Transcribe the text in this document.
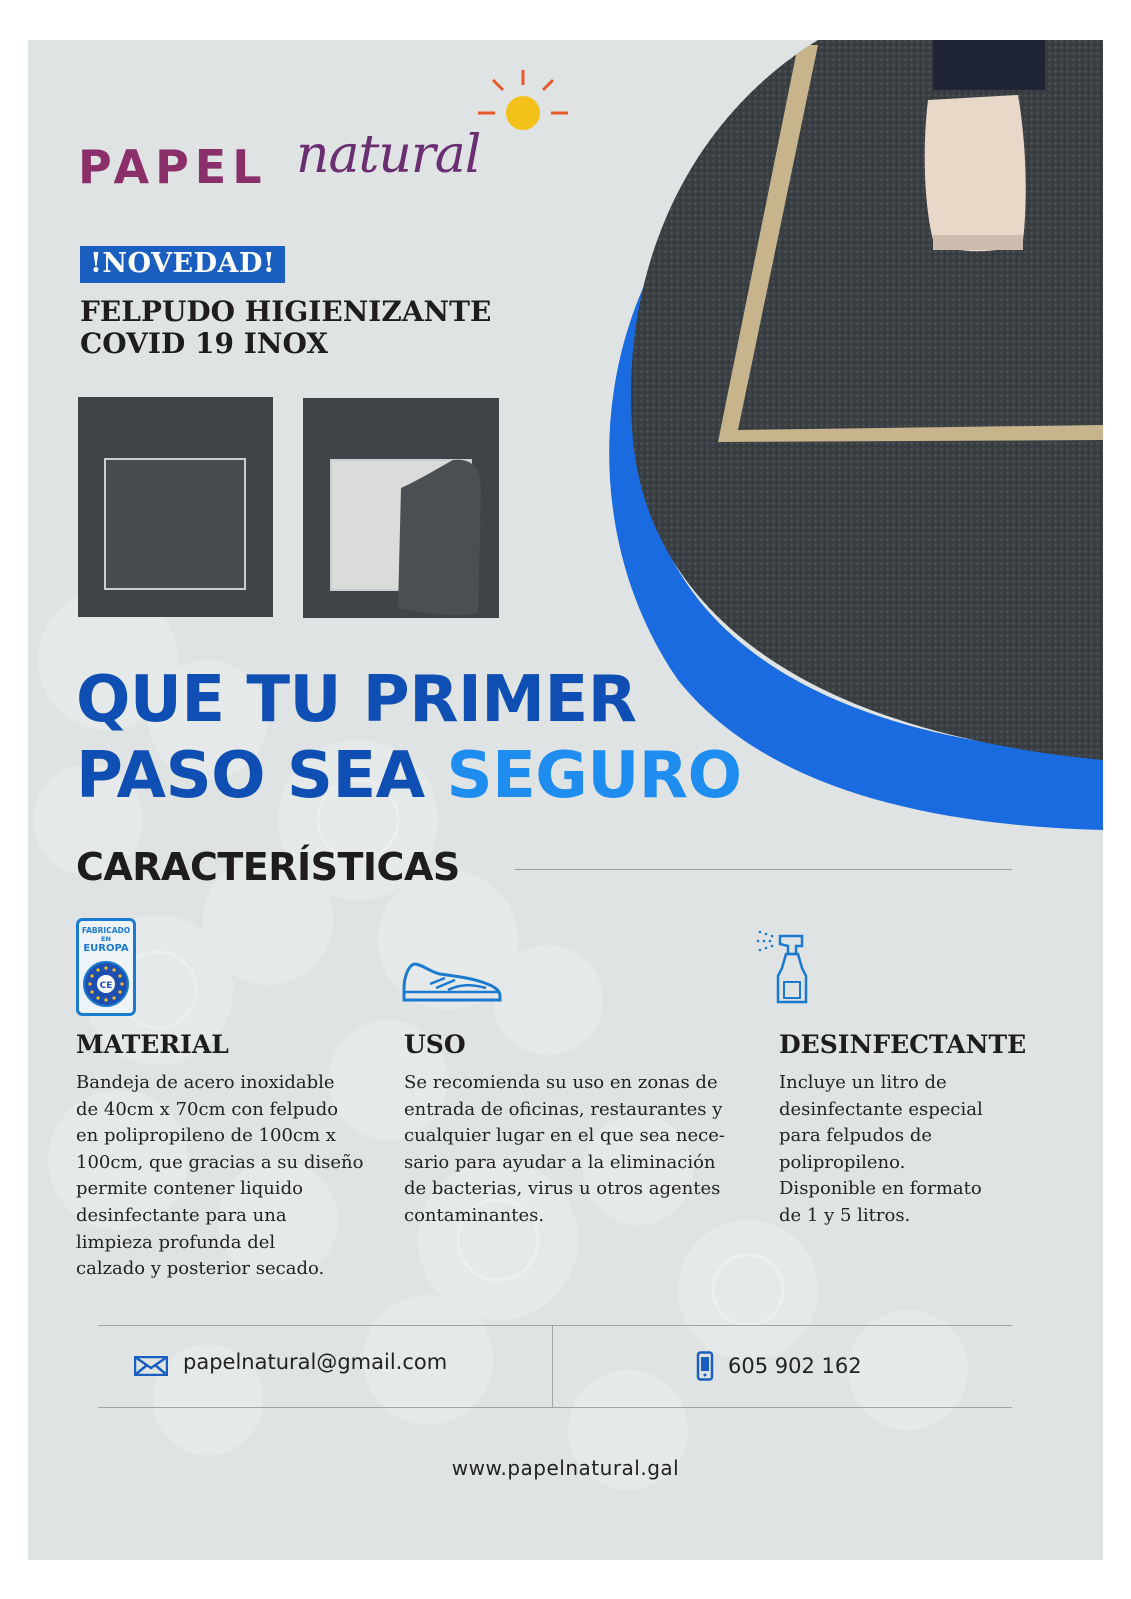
PAPEL natural
!NOVEDAD!
FELPUDO HIGIENIZANTE
COVID 19 INOX
QUE TU PRIMER
PASO SEA SEGURO
CARACTERÍSTICAS
FABRICADO
EN
EUROPA
CE
MATERIAL
Bandeja de acero inoxidable
de 40cm x 70cm con felpudo
en polipropileno de 100cm x
100cm, que gracias a su diseño
permite contener liquido
desinfectante para una
limpieza profunda del
calzado y posterior secado.
USO
Se recomienda su uso en zonas de
entrada de oficinas, restaurantes y
cualquier lugar en el que sea nece-
sario para ayudar a la eliminación
de bacterias, virus u otros agentes
contaminantes.
DESINFECTANTE
Incluye un litro de
desinfectante especial
para felpudos de
polipropileno.
Disponible en formato
de 1 y 5 litros.
papelnatural@gmail.com	605 902 162
www.papelnatural.gal
